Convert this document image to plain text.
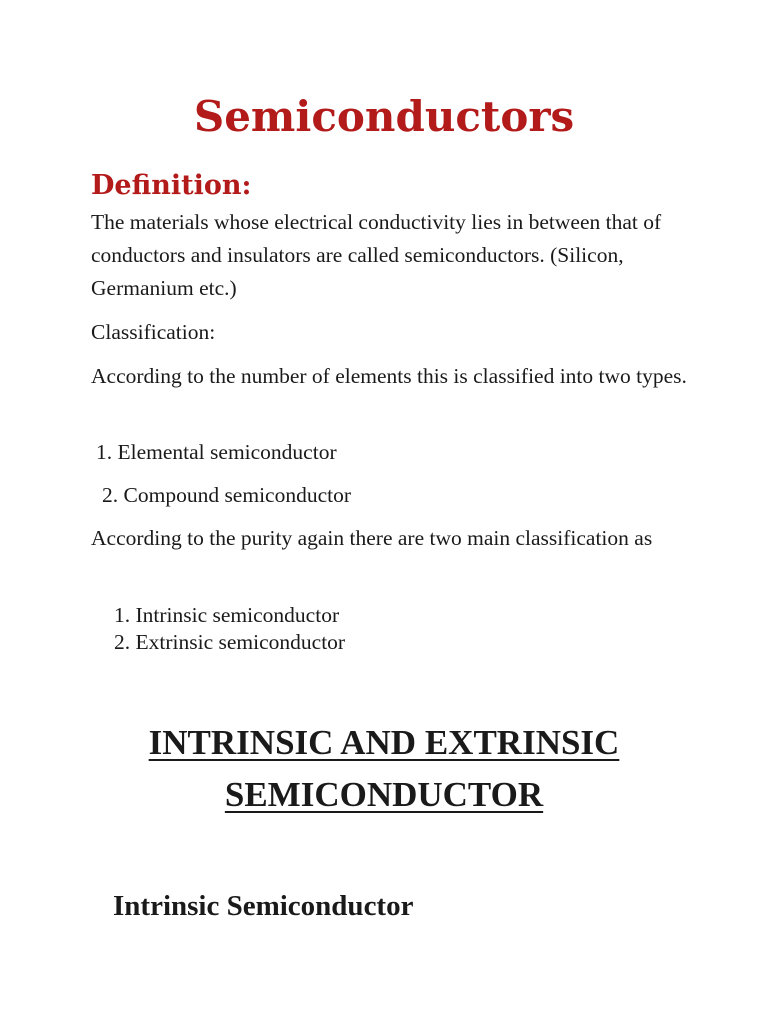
Semiconductors
Definition:

The materials whose electrical conductivity lies in between that of conductors and insulators are called semiconductors. (Silicon, Germanium etc.)

Classification:

According to the number of elements this is classified into two types.

1. Elemental semiconductor

2. Compound semiconductor

According to the purity again there are two main classification as

1. Intrinsic semiconductor

2. Extrinsic semiconductor

INTRINSIC AND EXTRINSIC
SEMICONDUCTOR
Intrinsic Semiconductor
